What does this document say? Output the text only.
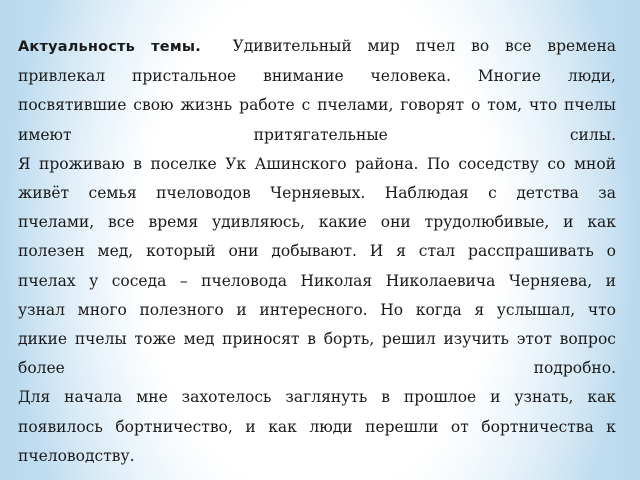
Актуальность темы. Удивительный мир пчел во все времена
привлекал пристальное внимание человека. Многие люди,
посвятившие свою жизнь работе с пчелами, говорят о том, что пчелы
имеют притягательные силы.

Я проживаю в поселке Ук Ашинского района. По соседству со мной
живёт семья пчеловодов Черняевых. Наблюдая с детства за
пчелами, все время удивляюсь, какие они трудолюбивые, и как
полезен мед, который они добывают. И я стал расспрашивать о
пчелах у соседа – пчеловода Николая Николаевича Черняева, и
узнал много полезного и интересного. Но когда я услышал, что
дикие пчелы тоже мед приносят в борть, решил изучить этот вопрос
более подробно.

Для начала мне захотелось заглянуть в прошлое и узнать, как
появилось бортничество, и как люди перешли от бортничества к
пчеловодству.
